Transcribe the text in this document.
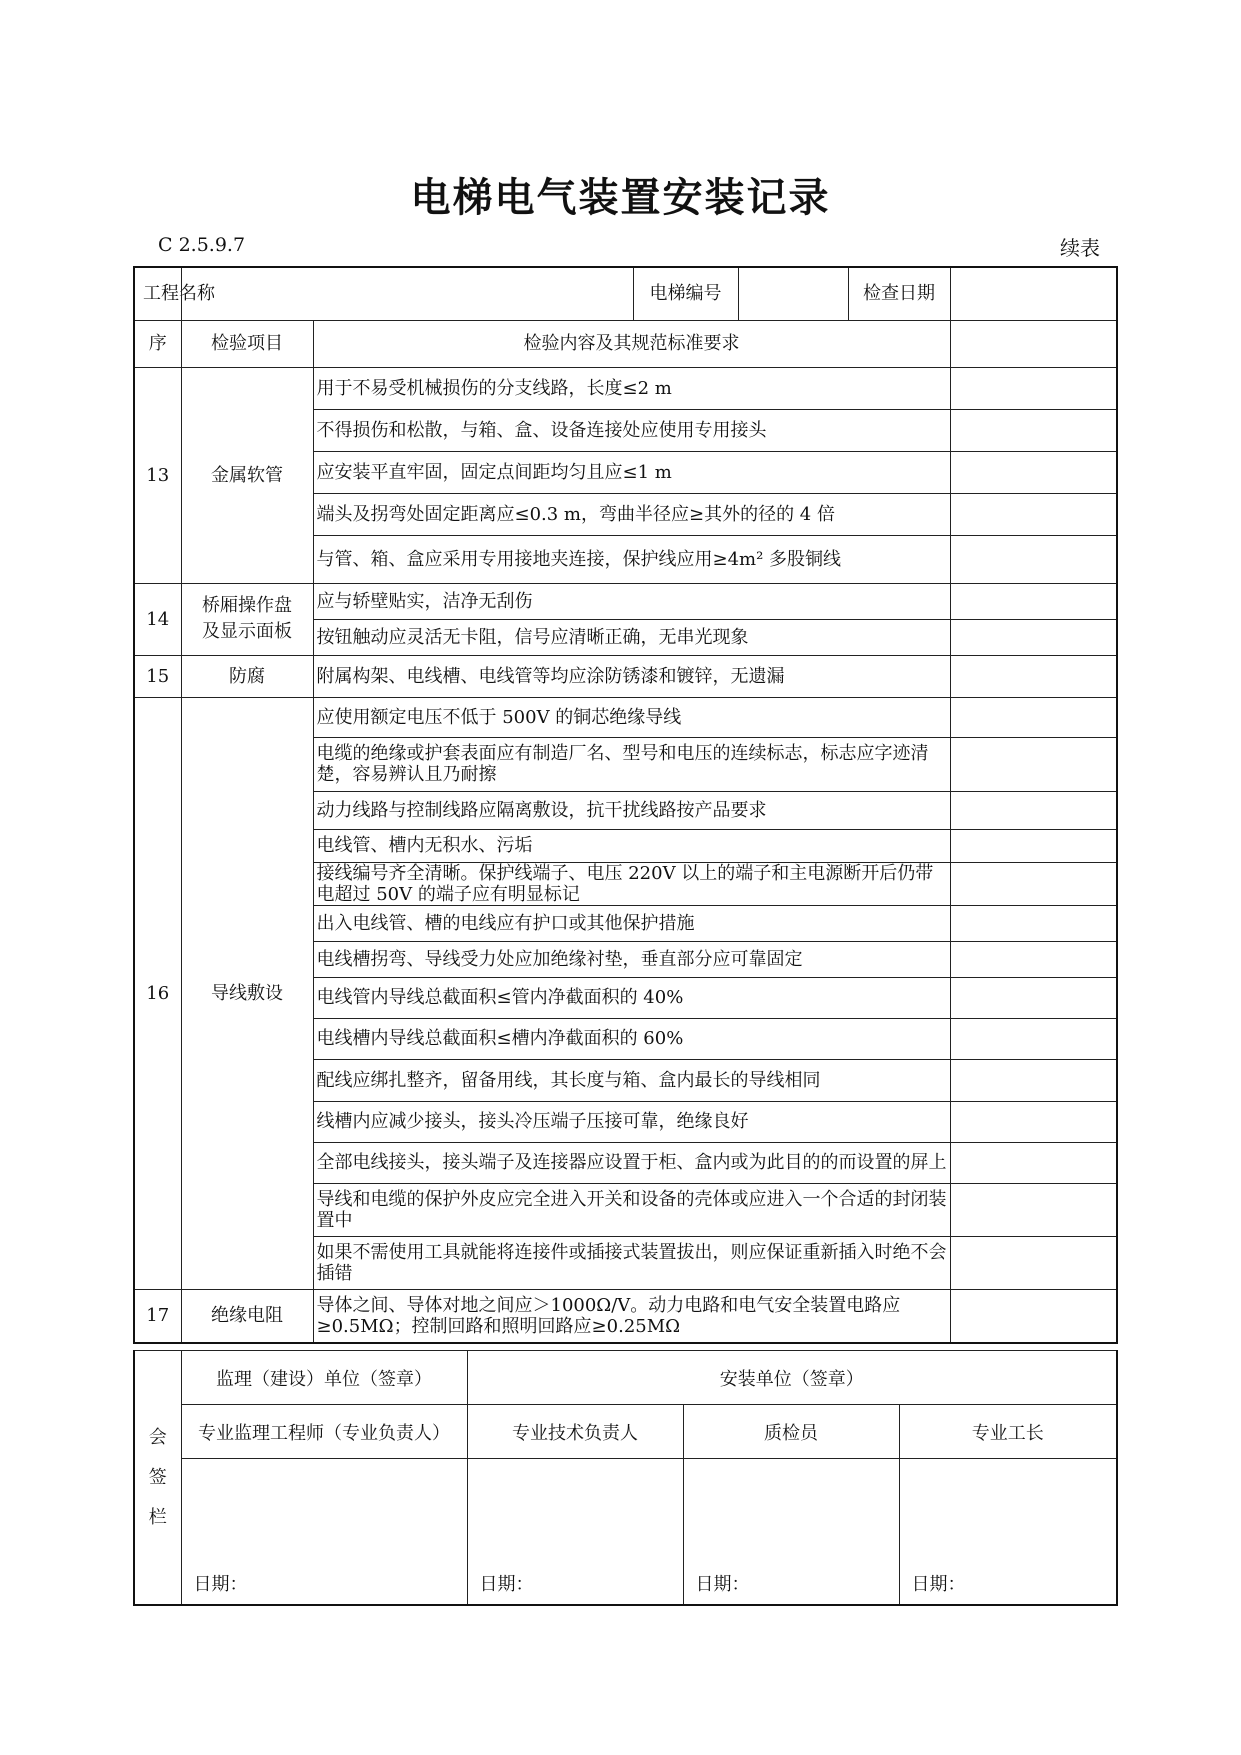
电梯电气装置安装记录
C 2.5.9.7	续表
工程名称			电梯编号		检查日期	
序	检验项目	检验内容及其规范标准要求				
13	金属软管	用于不易受机械损伤的分支线路，长度≤2 m				
		不得损伤和松散，与箱、盒、设备连接处应使用专用接头				
		应安装平直牢固，固定点间距均匀且应≤1 m				
		端头及拐弯处固定距离应≤0.3 m，弯曲半径应≥其外的径的 4 倍				
		与管、箱、盒应采用专用接地夹连接，保护线应用≥4m² 多股铜线				
14	桥厢操作盘及显示面板	应与轿壁贴实，洁净无刮伤				
		按钮触动应灵活无卡阻，信号应清晰正确，无串光现象				
15	防腐	附属构架、电线槽、电线管等均应涂防锈漆和镀锌，无遗漏				
16	导线敷设	应使用额定电压不低于 500V 的铜芯绝缘导线				
		电缆的绝缘或护套表面应有制造厂名、型号和电压的连续标志，标志应字迹清楚，容易辨认且乃耐擦				
		动力线路与控制线路应隔离敷设，抗干扰线路按产品要求				
		电线管、槽内无积水、污垢				
		接线编号齐全清晰。保护线端子、电压 220V 以上的端子和主电源断开后仍带电超过 50V 的端子应有明显标记				
		出入电线管、槽的电线应有护口或其他保护措施				
		电线槽拐弯、导线受力处应加绝缘衬垫，垂直部分应可靠固定				
		电线管内导线总截面积≤管内净截面积的 40%				
		电线槽内导线总截面积≤槽内净截面积的 60%				
		配线应绑扎整齐，留备用线，其长度与箱、盒内最长的导线相同				
		线槽内应减少接头，接头冷压端子压接可靠，绝缘良好				
		全部电线接头，接头端子及连接器应设置于柜、盒内或为此目的的而设置的屏上				
		导线和电缆的保护外皮应完全进入开关和设备的壳体或应进入一个合适的封闭装置中				
		如果不需使用工具就能将连接件或插接式装置拔出，则应保证重新插入时绝不会插错				
17	绝缘电阻	导体之间、导体对地之间应＞1000Ω/V。动力电路和电气安全装置电路应≥0.5MΩ；控制回路和照明回路应≥0.25MΩ				
会签栏	监理（建设）单位（签章）	安装单位（签章）		
	专业监理工程师（专业负责人）	专业技术负责人	质检员	专业工长

	日期：	日期：	日期：	日期：
